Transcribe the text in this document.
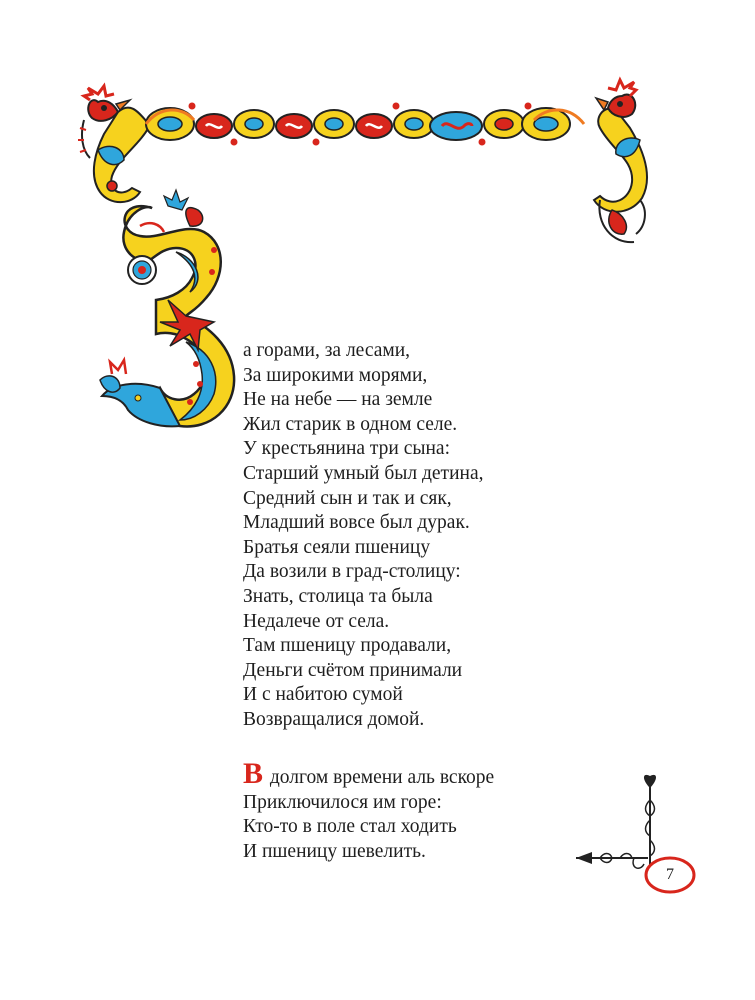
а горами, за лесами,
За широкими морями,
Не на небе — на земле
Жил старик в одном селе.
У крестьянина три сына:
Старший умный был детина,
Средний сын и так и сяк,
Младший вовсе был дурак.
Братья сеяли пшеницу
Да возили в град-столицу:
Знать, столица та была
Недалече от села.
Там пшеницу продавали,
Деньги счётом принимали
И с набитою сумой
Возвращалися домой.
В долгом времени аль вскоре
Приключилося им горе:
Кто-то в поле стал ходить
И пшеницу шевелить.
7
